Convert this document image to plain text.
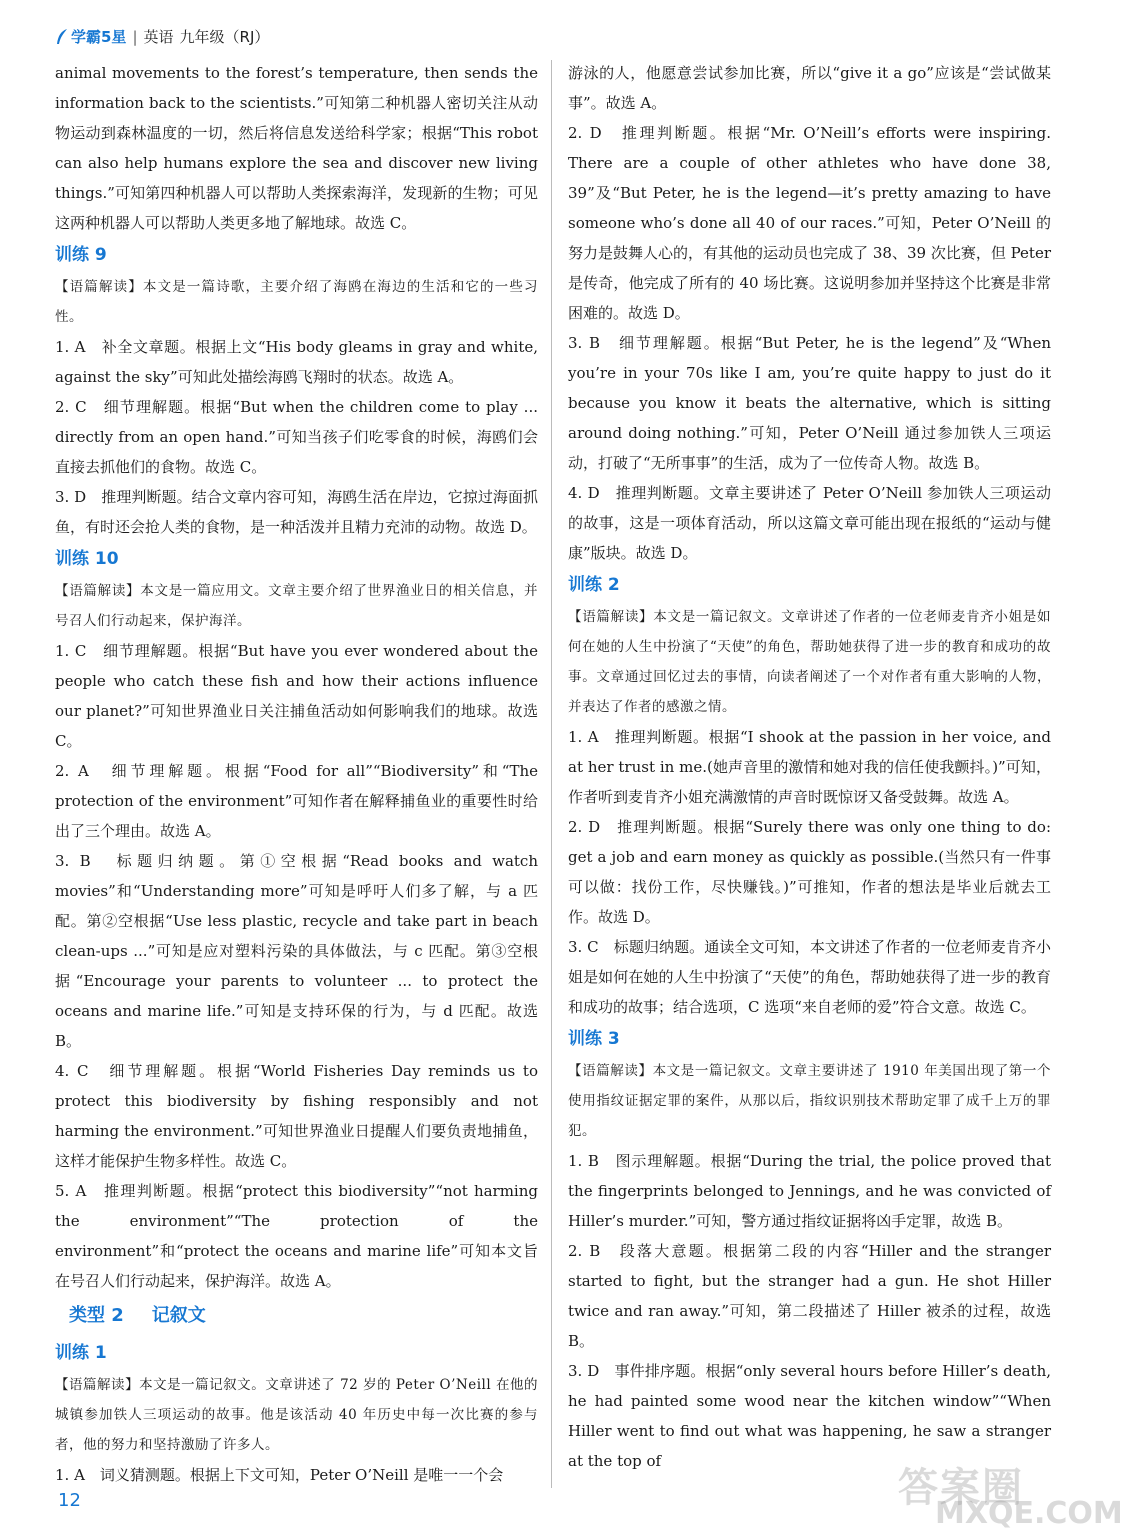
学霸5星 | 英语 九年级（RJ）

animal movements to the forest’s temperature, then sends the information back to the scientists.”可知第二种机器人密切关注从动物运动到森林温度的一切，然后将信息发送给科学家；根据“This robot can also help humans explore the sea and discover new living things.”可知第四种机器人可以帮助人类探索海洋，发现新的生物；可见这两种机器人可以帮助人类更多地了解地球。故选 C。

训练 9

【语篇解读】本文是一篇诗歌，主要介绍了海鸥在海边的生活和它的一些习性。

1. A　补全文章题。根据上文“His body gleams in gray and white, against the sky”可知此处描绘海鸥飞翔时的状态。故选 A。

2. C　细节理解题。根据“But when the children come to play ... directly from an open hand.”可知当孩子们吃零食的时候，海鸥们会直接去抓他们的食物。故选 C。

3. D　推理判断题。结合文章内容可知，海鸥生活在岸边，它掠过海面抓鱼，有时还会抢人类的食物，是一种活泼并且精力充沛的动物。故选 D。

训练 10

【语篇解读】本文是一篇应用文。文章主要介绍了世界渔业日的相关信息，并号召人们行动起来，保护海洋。

1. C　细节理解题。根据“But have you ever wondered about the people who catch these fish and how their actions influence our planet?”可知世界渔业日关注捕鱼活动如何影响我们的地球。故选 C。

2. A　细节理解题。根据“Food for all”“Biodiversity”和“The protection of the environment”可知作者在解释捕鱼业的重要性时给出了三个理由。故选 A。

3. B　标题归纳题。第①空根据“Read books and watch movies”和“Understanding more”可知是呼吁人们多了解，与 a 匹配。第②空根据“Use less plastic, recycle and take part in beach clean-ups ...”可知是应对塑料污染的具体做法，与 c 匹配。第③空根据“Encourage your parents to volunteer ... to protect the oceans and marine life.”可知是支持环保的行为，与 d 匹配。故选 B。

4. C　细节理解题。根据“World Fisheries Day reminds us to protect this biodiversity by fishing responsibly and not harming the environment.”可知世界渔业日提醒人们要负责地捕鱼，这样才能保护生物多样性。故选 C。

5. A　推理判断题。根据“protect this biodiversity”“not harming the environment”“The protection of the environment”和“protect the oceans and marine life”可知本文旨在号召人们行动起来，保护海洋。故选 A。

类型 2 记叙文

训练 1

【语篇解读】本文是一篇记叙文。文章讲述了 72 岁的 Peter O’Neill 在他的城镇参加铁人三项运动的故事。他是该活动 40 年历史中每一次比赛的参与者，他的努力和坚持激励了许多人。

1. A　词义猜测题。根据上下文可知，Peter O’Neill 是唯一一个会

游泳的人，他愿意尝试参加比赛，所以“give it a go”应该是“尝试做某事”。故选 A。

2. D　推理判断题。根据“Mr. O’Neill’s efforts were inspiring. There are a couple of other athletes who have done 38, 39”及“But Peter, he is the legend—it’s pretty amazing to have someone who’s done all 40 of our races.”可知，Peter O’Neill 的努力是鼓舞人心的，有其他的运动员也完成了 38、39 次比赛，但 Peter 是传奇，他完成了所有的 40 场比赛。这说明参加并坚持这个比赛是非常困难的。故选 D。

3. B　细节理解题。根据“But Peter, he is the legend”及“When you’re in your 70s like I am, you’re quite happy to just do it because you know it beats the alternative, which is sitting around doing nothing.”可知，Peter O’Neill 通过参加铁人三项运动，打破了“无所事事”的生活，成为了一位传奇人物。故选 B。

4. D　推理判断题。文章主要讲述了 Peter O’Neill 参加铁人三项运动的故事，这是一项体育活动，所以这篇文章可能出现在报纸的“运动与健康”版块。故选 D。

训练 2

【语篇解读】本文是一篇记叙文。文章讲述了作者的一位老师麦肯齐小姐是如何在她的人生中扮演了“天使”的角色，帮助她获得了进一步的教育和成功的故事。文章通过回忆过去的事情，向读者阐述了一个对作者有重大影响的人物，并表达了作者的感激之情。

1. A　推理判断题。根据“I shook at the passion in her voice, and at her trust in me.(她声音里的激情和她对我的信任使我颤抖。)”可知，作者听到麦肯齐小姐充满激情的声音时既惊讶又备受鼓舞。故选 A。

2. D　推理判断题。根据“Surely there was only one thing to do: get a job and earn money as quickly as possible.(当然只有一件事可以做：找份工作，尽快赚钱。)”可推知，作者的想法是毕业后就去工作。故选 D。

3. C　标题归纳题。通读全文可知，本文讲述了作者的一位老师麦肯齐小姐是如何在她的人生中扮演了“天使”的角色，帮助她获得了进一步的教育和成功的故事；结合选项，C 选项“来自老师的爱”符合文意。故选 C。

训练 3

【语篇解读】本文是一篇记叙文。文章主要讲述了 1910 年美国出现了第一个使用指纹证据定罪的案件，从那以后，指纹识别技术帮助定罪了成千上万的罪犯。

1. B　图示理解题。根据“During the trial, the police proved that the fingerprints belonged to Jennings, and he was convicted of Hiller’s murder.”可知，警方通过指纹证据将凶手定罪，故选 B。

2. B　段落大意题。根据第二段的内容“Hiller and the stranger started to fight, but the stranger had a gun. He shot Hiller twice and ran away.”可知，第二段描述了 Hiller 被杀的过程，故选 B。

3. D　事件排序题。根据“only several hours before Hiller’s death, he had painted some wood near the kitchen window”“When Hiller went to find out what was happening, he saw a stranger at the top of

12	答案圈
MXQE.COM
